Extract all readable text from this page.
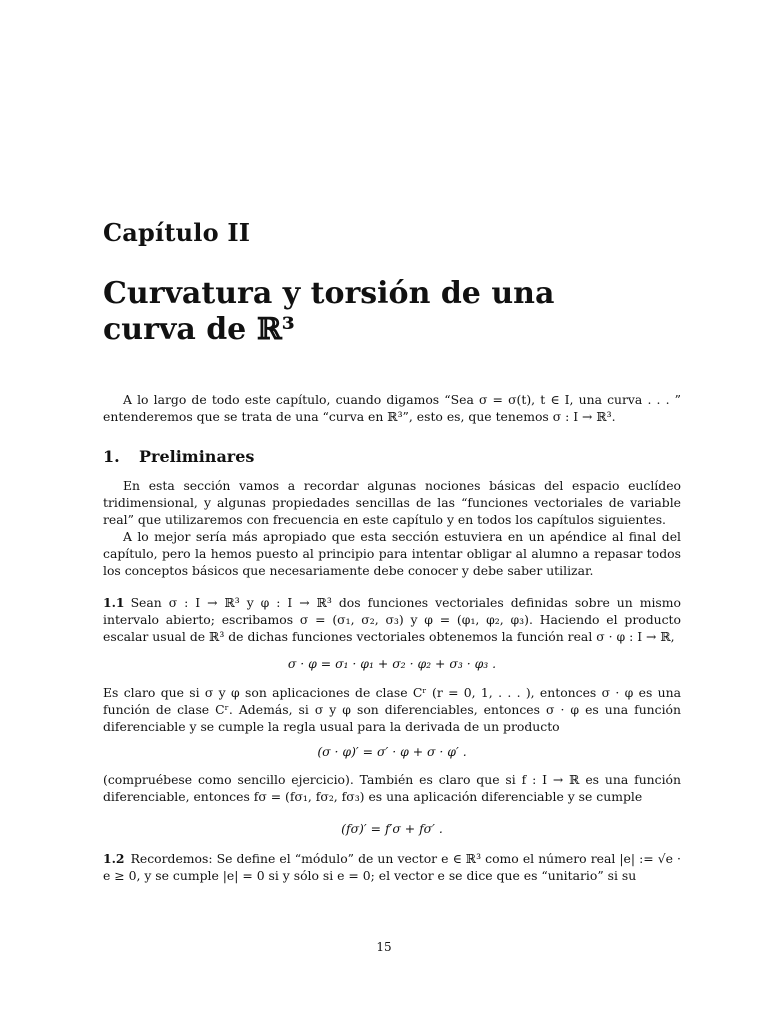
Capítulo II
Curvatura y torsión de una
curva de ℝ³
A lo largo de todo este capítulo, cuando digamos “Sea σ = σ(t), t ∈ I, una curva . . . ” entenderemos que se trata de una “curva en ℝ³”, esto es, que tenemos σ : I → ℝ³.
1. Preliminares
En esta sección vamos a recordar algunas nociones básicas del espacio euclídeo tridimensional, y algunas propiedades sencillas de las “funciones vectoriales de variable real” que utilizaremos con frecuencia en este capítulo y en todos los capítulos siguientes.
A lo mejor sería más apropiado que esta sección estuviera en un apéndice al final del capítulo, pero la hemos puesto al principio para intentar obligar al alumno a repasar todos los conceptos básicos que necesariamente debe conocer y debe saber utilizar.
1.1 Sean σ : I → ℝ³ y φ : I → ℝ³ dos funciones vectoriales definidas sobre un mismo intervalo abierto; escribamos σ = (σ₁, σ₂, σ₃) y φ = (φ₁, φ₂, φ₃). Haciendo el producto escalar usual de ℝ³ de dichas funciones vectoriales obtenemos la función real σ · φ : I → ℝ,
σ · φ = σ₁ · φ₁ + σ₂ · φ₂ + σ₃ · φ₃ .
Es claro que si σ y φ son aplicaciones de clase Cʳ (r = 0, 1, . . . ), entonces σ · φ es una función de clase Cʳ. Además, si σ y φ son diferenciables, entonces σ · φ es una función diferenciable y se cumple la regla usual para la derivada de un producto
(σ · φ)′ = σ′ · φ + σ · φ′ .
(compruébese como sencillo ejercicio). También es claro que si f : I → ℝ es una función diferenciable, entonces fσ = (fσ₁, fσ₂, fσ₃) es una aplicación diferenciable y se cumple
(fσ)′ = f′σ + fσ′ .
1.2 Recordemos: Se define el “módulo” de un vector e ∈ ℝ³ como el número real |e| := √e · e ≥ 0, y se cumple |e| = 0 si y sólo si e = 0; el vector e se dice que es “unitario” si su
15
